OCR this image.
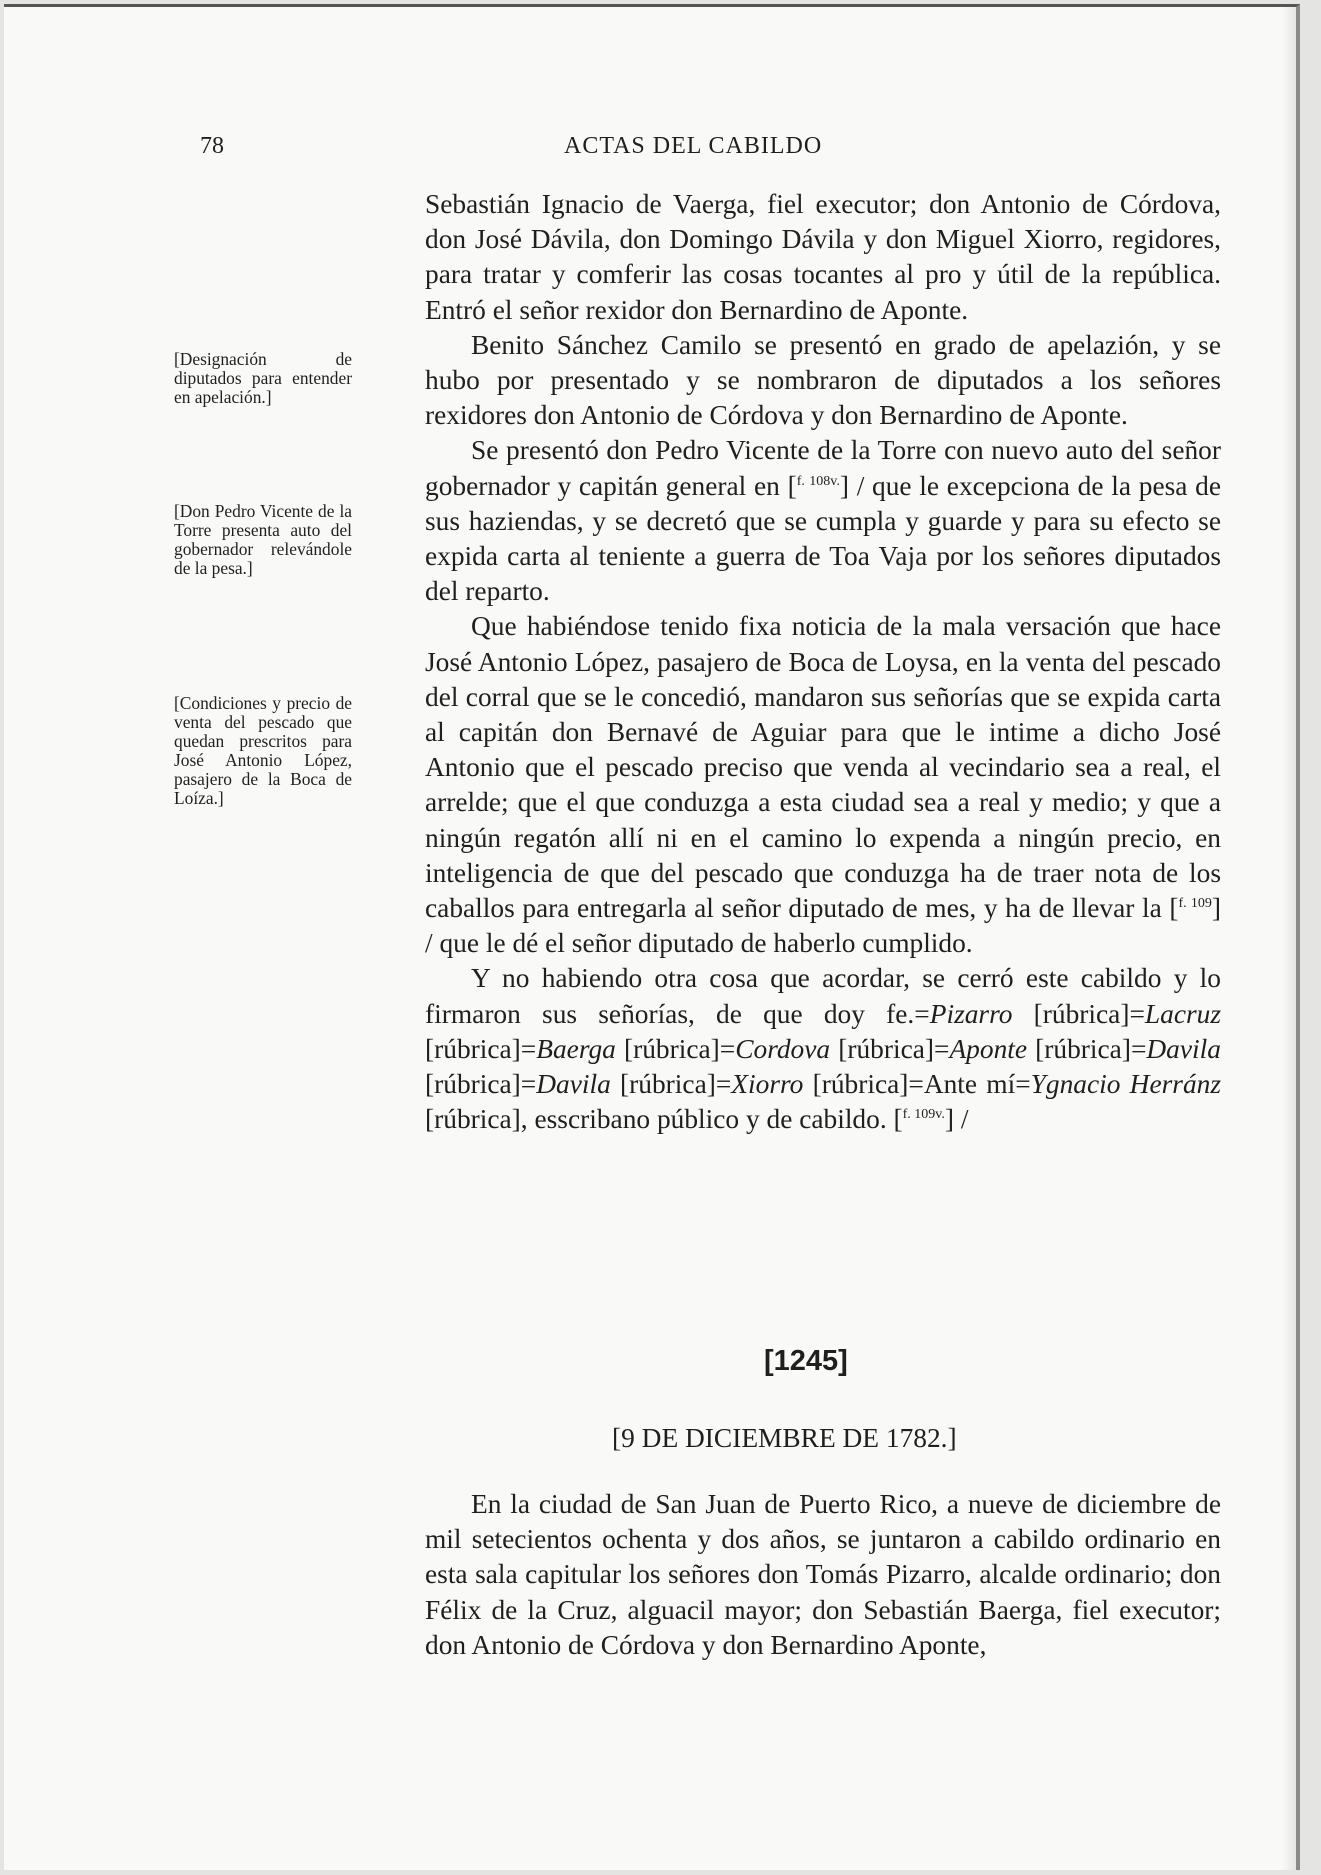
78	ACTAS DEL CABILDO

[Designación de diputados para entender en apelación.]

[Don Pedro Vicente de la Torre presenta auto del gobernador relevándole de la pesa.]

[Condiciones y precio de venta del pescado que quedan prescritos para José Antonio López, pasajero de la Boca de Loíza.]

Sebastián Ignacio de Vaerga, fiel executor; don Antonio de Córdova, don José Dávila, don Domingo Dávila y don Miguel Xiorro, regidores, para tratar y comferir las cosas tocantes al pro y útil de la república. Entró el señor rexidor don Bernardino de Aponte.

Benito Sánchez Camilo se presentó en grado de apelazión, y se hubo por presentado y se nombraron de diputados a los señores rexidores don Antonio de Córdova y don Bernardino de Aponte.

Se presentó don Pedro Vicente de la Torre con nuevo auto del señor gobernador y capitán general en [$^{f. 108v.}$] / que le excepciona de la pesa de sus haziendas, y se decretó que se cumpla y guarde y para su efecto se expida carta al teniente a guerra de Toa Vaja por los señores diputados del reparto.

Que habiéndose tenido fixa noticia de la mala versación que hace José Antonio López, pasajero de Boca de Loysa, en la venta del pescado del corral que se le concedió, mandaron sus señorías que se expida carta al capitán don Bernavé de Aguiar para que le intime a dicho José Antonio que el pescado preciso que venda al vecindario sea a real, el arrelde; que el que conduzga a esta ciudad sea a real y medio; y que a ningún regatón allí ni en el camino lo expenda a ningún precio, en inteligencia de que del pescado que conduzga ha de traer nota de los caballos para entregarla al señor diputado de mes, y ha de llevar la [$^{f. 109}$] / que le dé el señor diputado de haberlo cumplido.

Y no habiendo otra cosa que acordar, se cerró este cabildo y lo firmaron sus señorías, de que doy fe.=Pizarro [rúbrica]=Lacruz [rúbrica]=Baerga [rúbrica]=Cordova [rúbrica]=Aponte [rúbrica]=Davila [rúbrica]=Davila [rúbrica]=Xiorro [rúbrica]=Ante mí=Ygnacio Herránz [rúbrica], esscribano público y de cabildo. [$^{f. 109v.}$] /

[1245]

[9 DE DICIEMBRE DE 1782.]

En la ciudad de San Juan de Puerto Rico, a nueve de diciembre de mil setecientos ochenta y dos años, se juntaron a cabildo ordinario en esta sala capitular los señores don Tomás Pizarro, alcalde ordinario; don Félix de la Cruz, alguacil mayor; don Sebastián Baerga, fiel executor; don Antonio de Córdova y don Bernardino Aponte,
